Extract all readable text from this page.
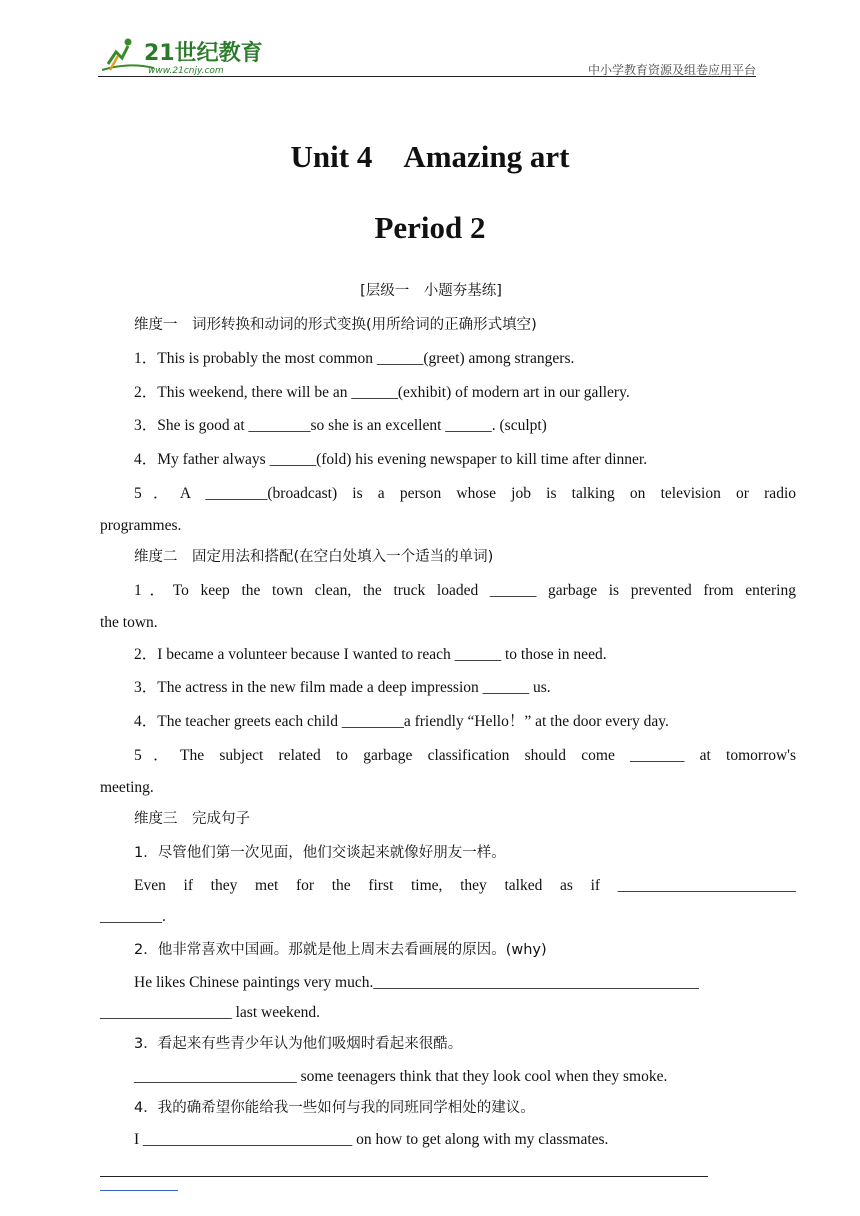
21世纪教育
www.21cnjy.com	中小学教育资源及组卷应用平台
Unit 4　Amazing art
Period 2
[层级一　小题夯基练]
维度一　词形转换和动词的形式变换(用所给词的正确形式填空)
1．This is probably the most common ______(greet) among strangers.
2．This weekend, there will be an ______(exhibit) of modern art in our gallery.
3．She is good at ________so she is an excellent ______. (sculpt)
4．My father always ______(fold) his evening newspaper to kill time after dinner.
5．A ________(broadcast) is a person whose job is talking on television or radio
programmes.
维度二　固定用法和搭配(在空白处填入一个适当的单词)
1．To keep the town clean, the truck loaded ______ garbage is prevented from entering
the town.
2．I became a volunteer because I wanted to reach ______ to those in need.
3．The actress in the new film made a deep impression ______ us.
4．The teacher greets each child ________a friendly “Hello！” at the door every day.
5．The subject related to garbage classification should come _______ at tomorrow's
meeting.
维度三　完成句子
1．尽管他们第一次见面，他们交谈起来就像好朋友一样。
Even if they met for the first time, they talked as if _______________________
________.
2．他非常喜欢中国画。那就是他上周末去看画展的原因。(why)
He likes Chinese paintings very much.__________________________________________
_________________ last weekend.
3．看起来有些青少年认为他们吸烟时看起来很酷。
_____________________ some teenagers think that they look cool when they smoke.
4．我的确希望你能给我一些如何与我的同班同学相处的建议。
I ___________________________ on how to get along with my classmates.
